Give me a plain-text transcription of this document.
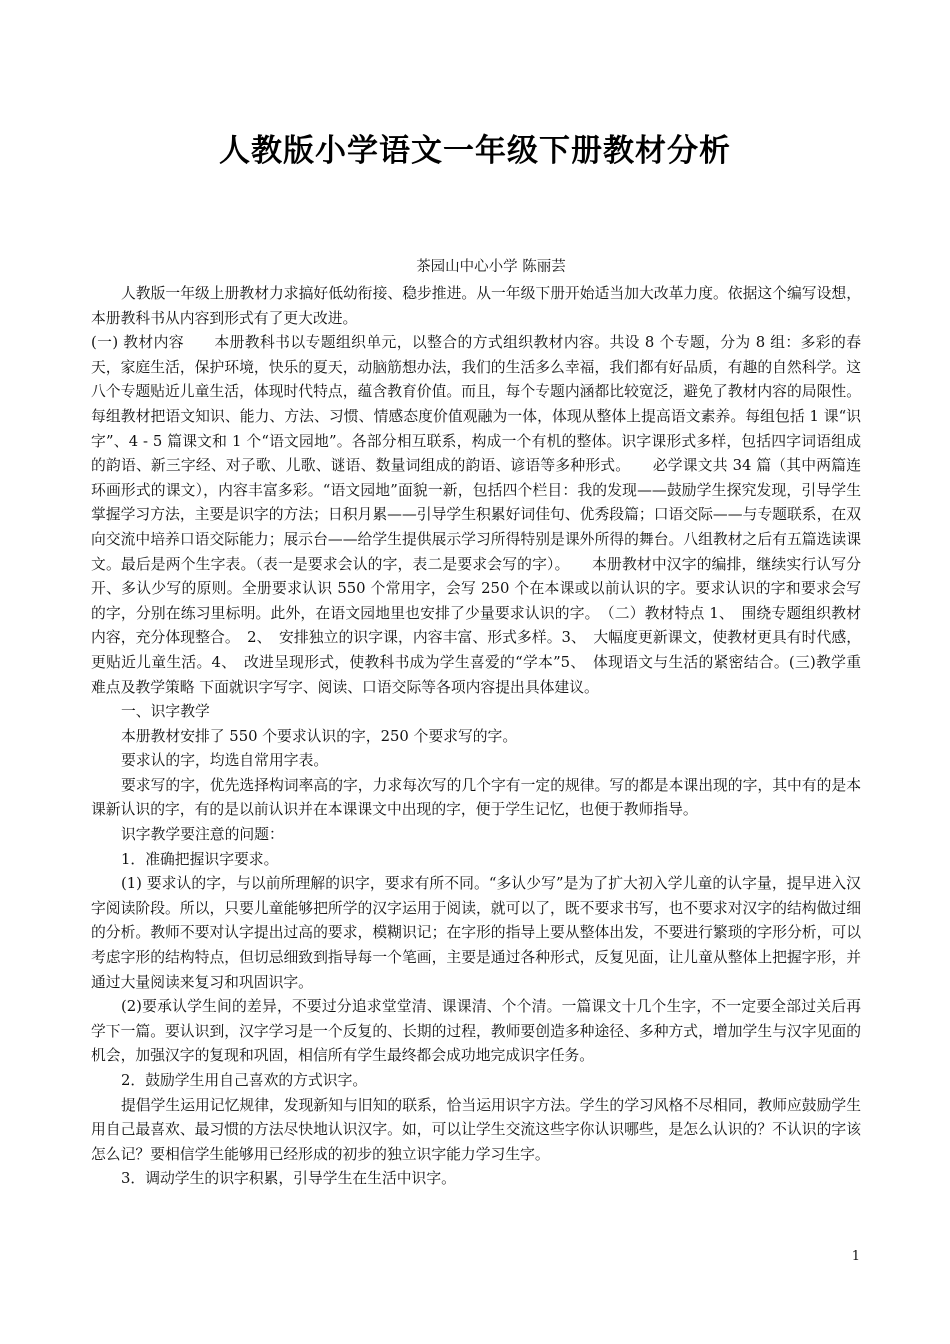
人教版小学语文一年级下册教材分析
茶园山中心小学 陈丽芸

人教版一年级上册教材力求搞好低幼衔接、稳步推进。从一年级下册开始适当加大改革力度。依据这个编写设想，本册教科书从内容到形式有了更大改进。

(一) 教材内容　　本册教科书以专题组织单元，以整合的方式组织教材内容。共设 8 个专题，分为 8 组：多彩的春天，家庭生活，保护环境，快乐的夏天，动脑筋想办法，我们的生活多么幸福，我们都有好品质，有趣的自然科学。这八个专题贴近儿童生活，体现时代特点，蕴含教育价值。而且，每个专题内涵都比较宽泛，避免了教材内容的局限性。每组教材把语文知识、能力、方法、习惯、情感态度价值观融为一体，体现从整体上提高语文素养。每组包括 1 课“识字”、4 - 5 篇课文和 1 个“语文园地”。各部分相互联系，构成一个有机的整体。识字课形式多样，包括四字词语组成的韵语、新三字经、对子歌、儿歌、谜语、数量词组成的韵语、谚语等多种形式。　　必学课文共 34 篇（其中两篇连环画形式的课文），内容丰富多彩。“语文园地”面貌一新，包括四个栏目：我的发现——鼓励学生探究发现，引导学生掌握学习方法，主要是识字的方法；日积月累——引导学生积累好词佳句、优秀段篇；口语交际——与专题联系，在双向交流中培养口语交际能力；展示台——给学生提供展示学习所得特别是课外所得的舞台。八组教材之后有五篇选读课文。最后是两个生字表。（表一是要求会认的字，表二是要求会写的字）。　　本册教材中汉字的编排，继续实行认写分开、多认少写的原则。全册要求认识 550 个常用字，会写 250 个在本课或以前认识的字。要求认识的字和要求会写的字，分别在练习里标明。此外，在语文园地里也安排了少量要求认识的字。　（二）教材特点 1、　围绕专题组织教材内容，充分体现整合。　2、　安排独立的识字课，内容丰富、形式多样。3、　大幅度更新课文，使教材更具有时代感，更贴近儿童生活。4、　改进呈现形式，使教科书成为学生喜爱的“学本”5、　体现语文与生活的紧密结合。(三)教学重难点及教学策略 下面就识字写字、阅读、口语交际等各项内容提出具体建议。

一、识字教学

本册教材安排了 550 个要求认识的字，250 个要求写的字。

要求认的字，均选自常用字表。

要求写的字，优先选择构词率高的字，力求每次写的几个字有一定的规律。写的都是本课出现的字，其中有的是本课新认识的字，有的是以前认识并在本课课文中出现的字，便于学生记忆，也便于教师指导。

识字教学要注意的问题：

1．准确把握识字要求。

(1) 要求认的字，与以前所理解的识字，要求有所不同。“多认少写”是为了扩大初入学儿童的认字量，提早进入汉字阅读阶段。所以，只要儿童能够把所学的汉字运用于阅读，就可以了，既不要求书写，也不要求对汉字的结构做过细的分析。教师不要对认字提出过高的要求，模糊识记；在字形的指导上要从整体出发，不要进行繁琐的字形分析，可以考虑字形的结构特点，但切忌细致到指导每一个笔画，主要是通过各种形式，反复见面，让儿童从整体上把握字形，并通过大量阅读来复习和巩固识字。

(2)要承认学生间的差异，不要过分追求堂堂清、课课清、个个清。一篇课文十几个生字，不一定要全部过关后再学下一篇。要认识到，汉字学习是一个反复的、长期的过程，教师要创造多种途径、多种方式，增加学生与汉字见面的机会，加强汉字的复现和巩固，相信所有学生最终都会成功地完成识字任务。

2．鼓励学生用自己喜欢的方式识字。

提倡学生运用记忆规律，发现新知与旧知的联系，恰当运用识字方法。学生的学习风格不尽相同，教师应鼓励学生用自己最喜欢、最习惯的方法尽快地认识汉字。如，可以让学生交流这些字你认识哪些，是怎么认识的？不认识的字该怎么记？要相信学生能够用已经形成的初步的独立识字能力学习生字。

3．调动学生的识字积累，引导学生在生活中识字。

1
